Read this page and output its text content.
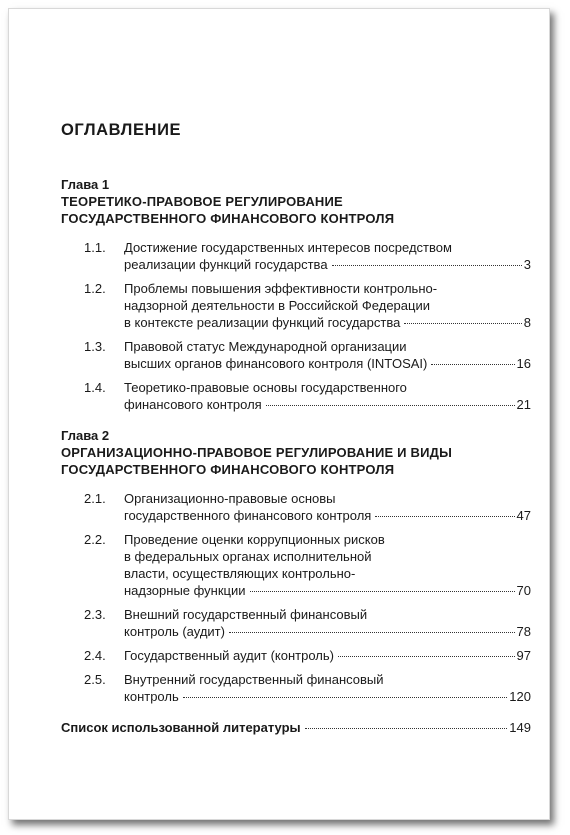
ОГЛАВЛЕНИЕ
Глава 1
ТЕОРЕТИКО-ПРАВОВОЕ РЕГУЛИРОВАНИЕ
ГОСУДАРСТВЕННОГО ФИНАНСОВОГО КОНТРОЛЯ
1.1. Достижение государственных интересов посредством
реализации функций государства	3
1.2. Проблемы повышения эффективности контрольно-
надзорной деятельности в Российской Федерации
в контексте реализации функций государства	8
1.3. Правовой статус Международной организации
высших органов финансового контроля (INTOSAI)	16
1.4. Теоретико-правовые основы государственного
финансового контроля	21
Глава 2
ОРГАНИЗАЦИОННО-ПРАВОВОЕ РЕГУЛИРОВАНИЕ И ВИДЫ
ГОСУДАРСТВЕННОГО ФИНАНСОВОГО КОНТРОЛЯ
2.1. Организационно-правовые основы
государственного финансового контроля	47
2.2. Проведение оценки коррупционных рисков
в федеральных органах исполнительной
власти, осуществляющих контрольно-
надзорные функции	70
2.3. Внешний государственный финансовый
контроль (аудит)	78
2.4. Государственный аудит (контроль)	97
2.5. Внутренний государственный финансовый
контроль	120
Список использованной литературы	149
